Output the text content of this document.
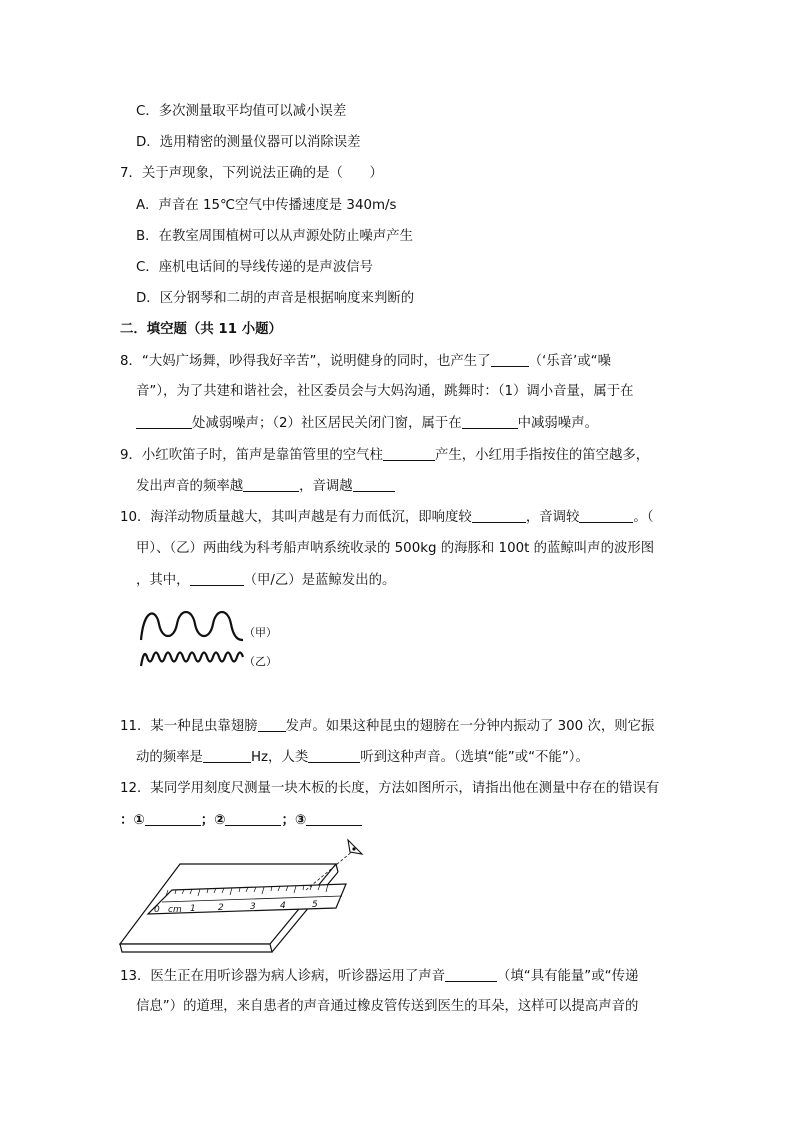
C．多次测量取平均值可以减小误差
D．选用精密的测量仪器可以消除误差
7．关于声现象，下列说法正确的是（　　）
A．声音在 15℃空气中传播速度是 340m/s
B．在教室周围植树可以从声源处防止噪声产生
C．座机电话间的导线传递的是声波信号
D．区分钢琴和二胡的声音是根据响度来判断的
二．填空题（共 11 小题）
8．“大妈广场舞，吵得我好辛苦”，说明健身的同时，也产生了	（‘乐音’或“噪
音”），为了共建和谐社会，社区委员会与大妈沟通，跳舞时：（1）调小音量，属于在
处减弱噪声；（2）社区居民关闭门窗，属于在	中减弱噪声。
9．小红吹笛子时，笛声是靠笛管里的空气柱	产生，小红用手指按住的笛空越多，
发出声音的频率越	，音调越
10．海洋动物质量越大，其叫声越是有力而低沉，即响度较	，音调较	。（
甲）、（乙）两曲线为科考船声呐系统收录的 500kg 的海豚和 100t 的蓝鲸叫声的波形图
，其中，	（甲/乙）是蓝鲸发出的。
（甲）
（乙）
11．某一种昆虫靠翅膀 发声。如果这种昆虫的翅膀在一分钟内振动了 300 次，则它振
动的频率是	Hz，人类	听到这种声音。（选填“能”或“不能”）。
12．某同学用刻度尺测量一块木板的长度，方法如图所示，请指出他在测量中存在的错误有
：①	；②	；③
0 cm 1 2	3	4	5
13．医生正在用听诊器为病人诊病，听诊器运用了声音	（填“具有能量”或“传递
信息”）的道理，来自患者的声音通过橡皮管传送到医生的耳朵，这样可以提高声音的
